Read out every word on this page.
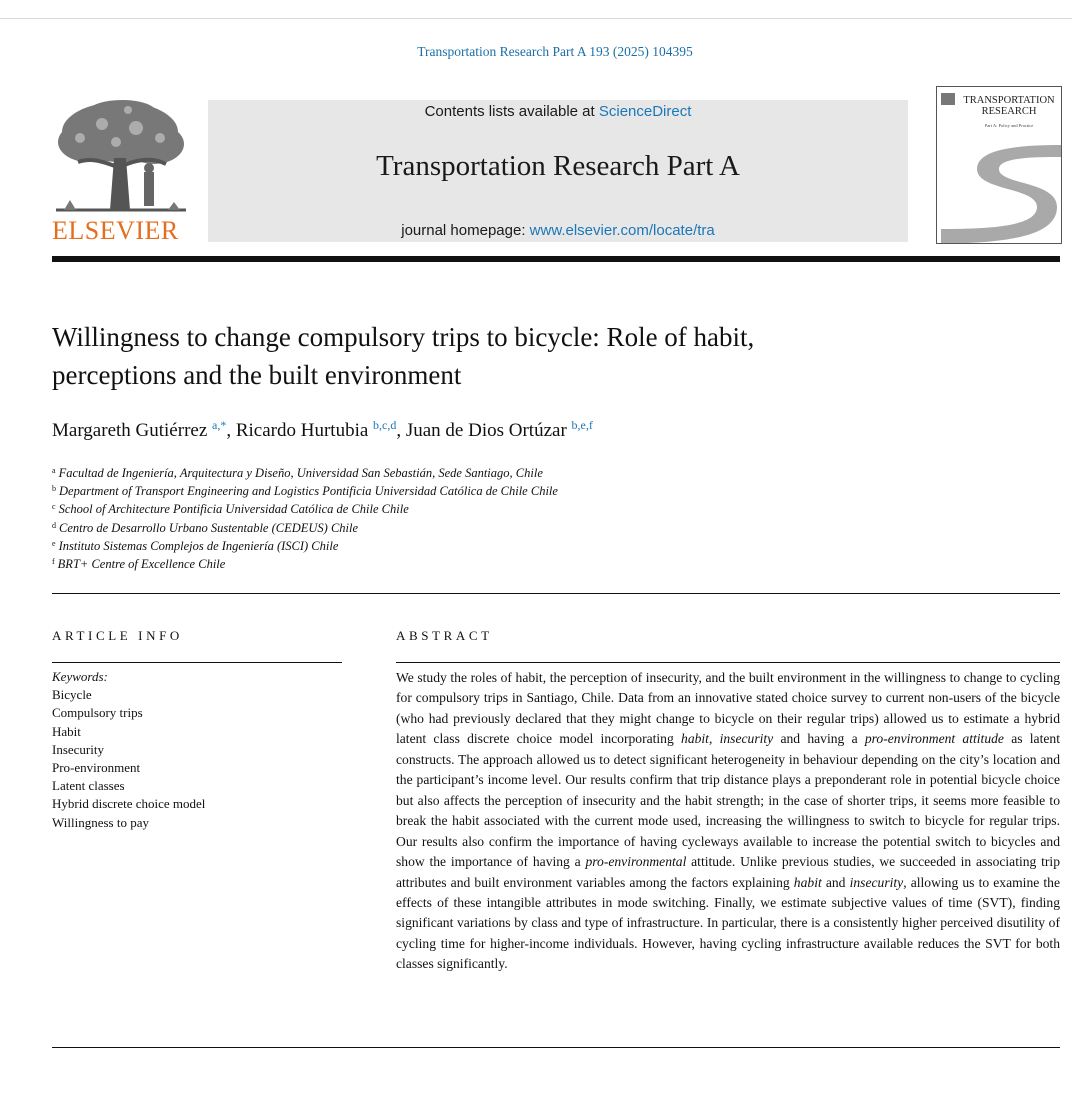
Transportation Research Part A 193 (2025) 104395
ELSEVIER
Contents lists available at ScienceDirect
Transportation Research Part A
journal homepage: www.elsevier.com/locate/tra
TRANSPORTATION
RESEARCH
Part A: Policy and Practice
Willingness to change compulsory trips to bicycle: Role of habit,
perceptions and the built environment
Margareth Gutiérrez $^{a,*}$, Ricardo Hurtubia $^{b,c,d}$, Juan de Dios Ortúzar $^{b,e,f}$
$^a$ Facultad de Ingeniería, Arquitectura y Diseño, Universidad San Sebastián, Sede Santiago, Chile
$^b$ Department of Transport Engineering and Logistics Pontificia Universidad Católica de Chile Chile
$^c$ School of Architecture Pontificia Universidad Católica de Chile Chile
$^d$ Centro de Desarrollo Urbano Sustentable (CEDEUS) Chile
$^e$ Instituto Sistemas Complejos de Ingeniería (ISCI) Chile
$^f$ BRT+ Centre of Excellence Chile
ARTICLE INFO	ABSTRACT
Keywords:
Bicycle
Compulsory trips
Habit
Insecurity
Pro-environment
Latent classes
Hybrid discrete choice model
Willingness to pay

We study the roles of habit, the perception of insecurity, and the built environment in the willingness to change to cycling for compulsory trips in Santiago, Chile. Data from an innovative stated choice survey to current non-users of the bicycle (who had previously declared that they might change to bicycle on their regular trips) allowed us to estimate a hybrid latent class discrete choice model incorporating habit, insecurity and having a pro-environment attitude as latent constructs. The approach allowed us to detect significant heterogeneity in behaviour depending on the city’s location and the participant’s income level. Our results confirm that trip distance plays a preponderant role in potential bicycle choice but also affects the perception of insecurity and the habit strength; in the case of shorter trips, it seems more feasible to break the habit associated with the current mode used, increasing the willingness to switch to bicycle for regular trips. Our results also confirm the importance of having cycleways available to increase the potential switch to bicycles and show the importance of having a pro-environmental attitude. Unlike previous studies, we succeeded in associating trip attributes and built environment variables among the factors explaining habit and insecurity, allowing us to examine the effects of these intangible attributes in mode switching. Finally, we estimate subjective values of time (SVT), finding significant variations by class and type of infrastructure. In particular, there is a consistently higher perceived disutility of cycling time for higher-income individuals. However, having cycling infrastructure available reduces the SVT for both classes significantly.
